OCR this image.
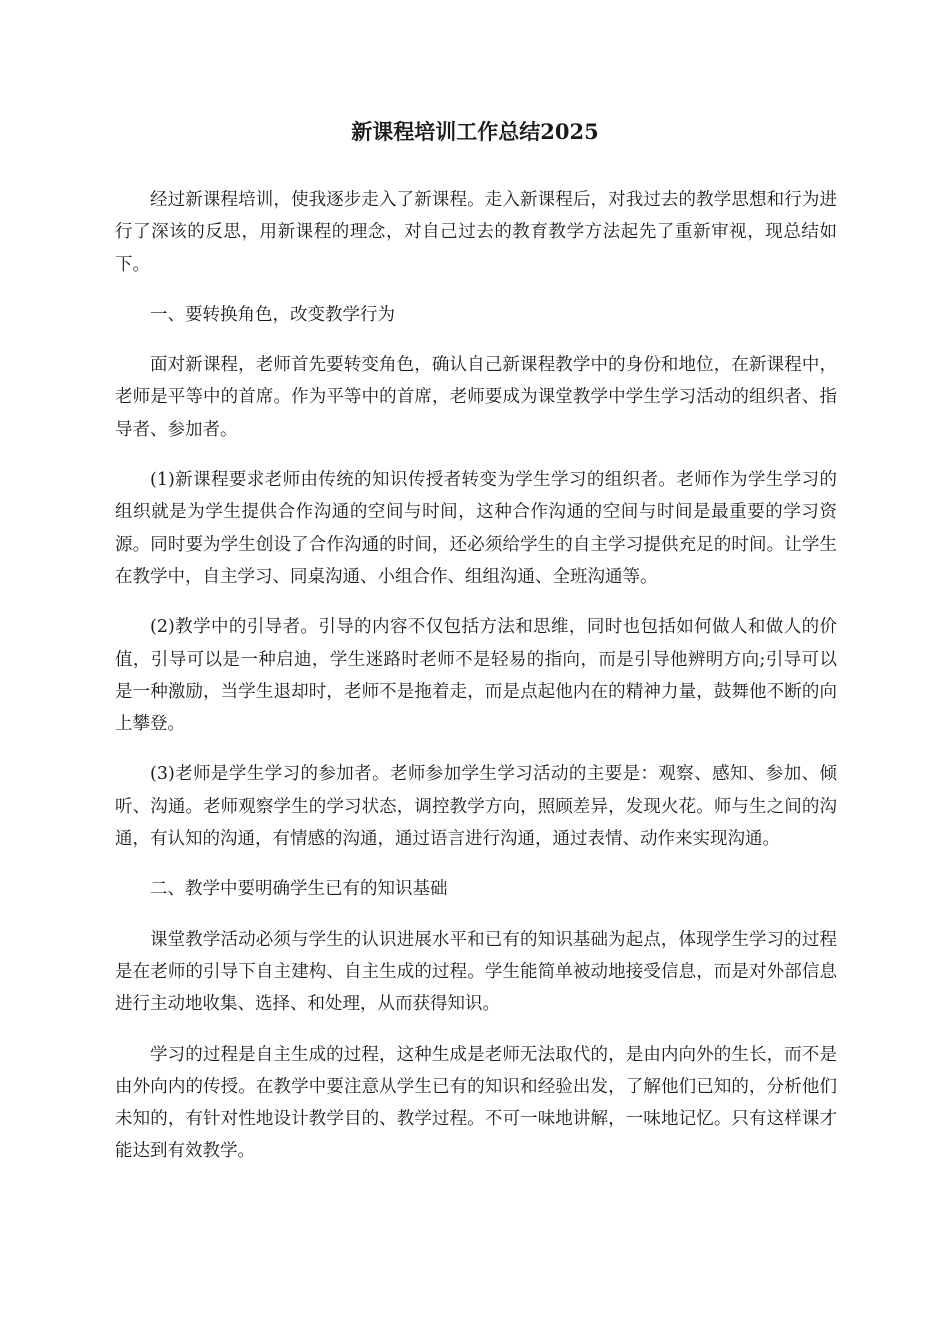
新课程培训工作总结2025

经过新课程培训，使我逐步走入了新课程。走入新课程后，对我过去的教学思想和行为进行了深该的反思，用新课程的理念，对自己过去的教育教学方法起先了重新审视，现总结如下。

一、要转换角色，改变教学行为

面对新课程，老师首先要转变角色，确认自己新课程教学中的身份和地位，在新课程中，老师是平等中的首席。作为平等中的首席，老师要成为课堂教学中学生学习活动的组织者、指导者、参加者。

(1)新课程要求老师由传统的知识传授者转变为学生学习的组织者。老师作为学生学习的组织就是为学生提供合作沟通的空间与时间，这种合作沟通的空间与时间是最重要的学习资源。同时要为学生创设了合作沟通的时间，还必须给学生的自主学习提供充足的时间。让学生在教学中，自主学习、同桌沟通、小组合作、组组沟通、全班沟通等。

(2)教学中的引导者。引导的内容不仅包括方法和思维，同时也包括如何做人和做人的价值，引导可以是一种启迪，学生迷路时老师不是轻易的指向，而是引导他辨明方向;引导可以是一种激励，当学生退却时，老师不是拖着走，而是点起他内在的精神力量，鼓舞他不断的向上攀登。

(3)老师是学生学习的参加者。老师参加学生学习活动的主要是：观察、感知、参加、倾听、沟通。老师观察学生的学习状态，调控教学方向，照顾差异，发现火花。师与生之间的沟通，有认知的沟通，有情感的沟通，通过语言进行沟通，通过表情、动作来实现沟通。

二、教学中要明确学生已有的知识基础

课堂教学活动必须与学生的认识进展水平和已有的知识基础为起点，体现学生学习的过程是在老师的引导下自主建构、自主生成的过程。学生能简单被动地接受信息，而是对外部信息进行主动地收集、选择、和处理，从而获得知识。

学习的过程是自主生成的过程，这种生成是老师无法取代的，是由内向外的生长，而不是由外向内的传授。在教学中要注意从学生已有的知识和经验出发，了解他们已知的，分析他们未知的，有针对性地设计教学目的、教学过程。不可一味地讲解，一味地记忆。只有这样课才能达到有效教学。
